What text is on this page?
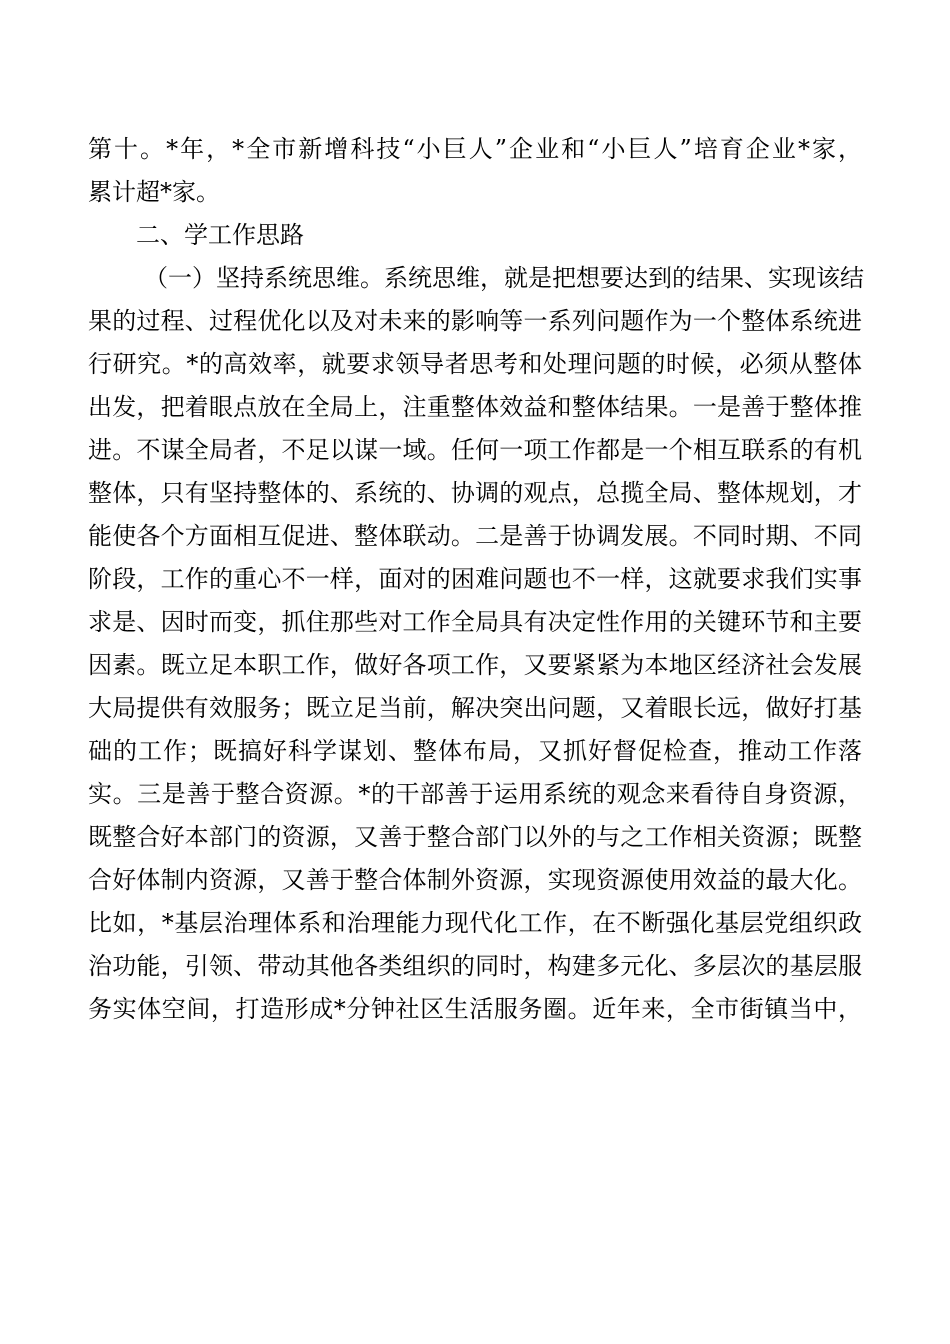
第十。*年，*全市新增科技“小巨人”企业和“小巨人”培育企业*家，
累计超*家。
二、学工作思路
（一）坚持系统思维。系统思维，就是把想要达到的结果、实现该结
果的过程、过程优化以及对未来的影响等一系列问题作为一个整体系统进
行研究。*的高效率，就要求领导者思考和处理问题的时候，必须从整体
出发，把着眼点放在全局上，注重整体效益和整体结果。一是善于整体推
进。不谋全局者，不足以谋一域。任何一项工作都是一个相互联系的有机
整体，只有坚持整体的、系统的、协调的观点，总揽全局、整体规划，才
能使各个方面相互促进、整体联动。二是善于协调发展。不同时期、不同
阶段，工作的重心不一样，面对的困难问题也不一样，这就要求我们实事
求是、因时而变，抓住那些对工作全局具有决定性作用的关键环节和主要
因素。既立足本职工作，做好各项工作，又要紧紧为本地区经济社会发展
大局提供有效服务；既立足当前，解决突出问题，又着眼长远，做好打基
础的工作；既搞好科学谋划、整体布局，又抓好督促检查，推动工作落
实。三是善于整合资源。*的干部善于运用系统的观念来看待自身资源，
既整合好本部门的资源，又善于整合部门以外的与之工作相关资源；既整
合好体制内资源，又善于整合体制外资源，实现资源使用效益的最大化。
比如，*基层治理体系和治理能力现代化工作，在不断强化基层党组织政
治功能，引领、带动其他各类组织的同时，构建多元化、多层次的基层服
务实体空间，打造形成*分钟社区生活服务圈。近年来，全市街镇当中，
